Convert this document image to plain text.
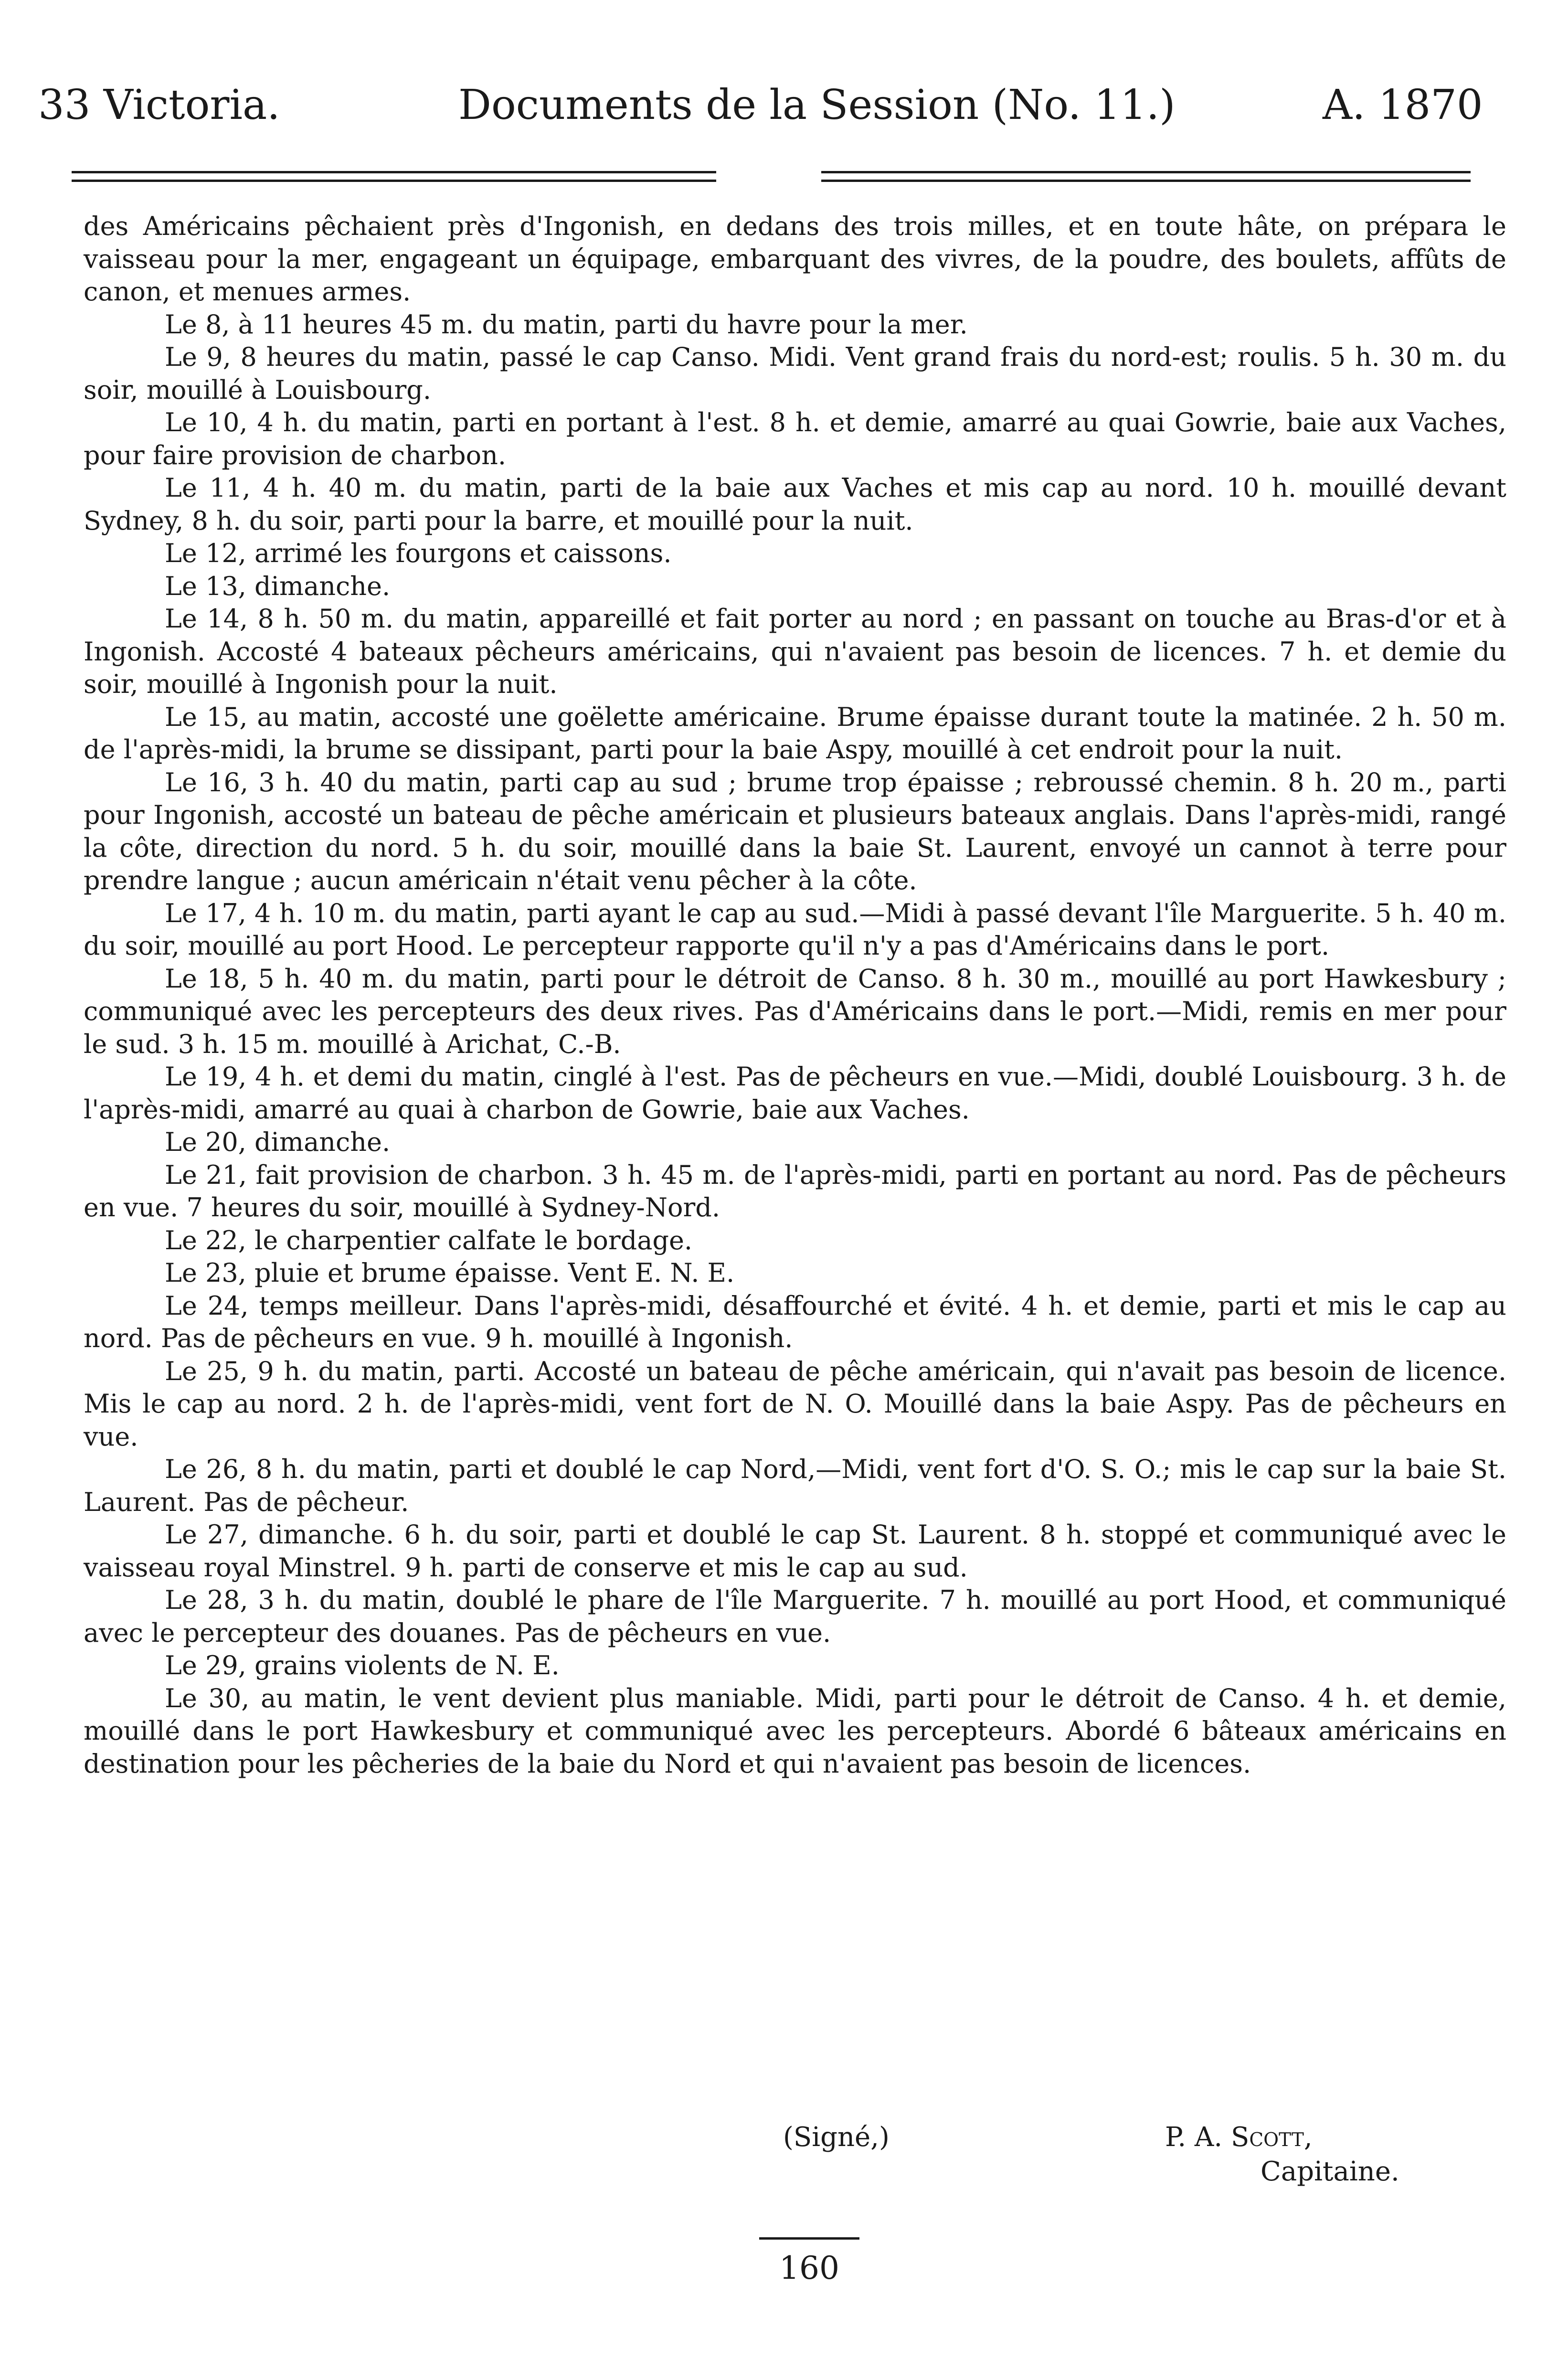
33 Victoria.	Documents de la Session (No. 11.)	A. 1870

des Américains pêchaient près d'Ingonish, en dedans des trois milles, et en toute hâte, on prépara le vaisseau pour la mer, engageant un équipage, embarquant des vivres, de la poudre, des boulets, affûts de canon, et menues armes.

Le 8, à 11 heures 45 m. du matin, parti du havre pour la mer.

Le 9, 8 heures du matin, passé le cap Canso. Midi. Vent grand frais du nord-est; roulis. 5 h. 30 m. du soir, mouillé à Louisbourg.

Le 10, 4 h. du matin, parti en portant à l'est. 8 h. et demie, amarré au quai Gowrie, baie aux Vaches, pour faire provision de charbon.

Le 11, 4 h. 40 m. du matin, parti de la baie aux Vaches et mis cap au nord. 10 h. mouillé devant Sydney, 8 h. du soir, parti pour la barre, et mouillé pour la nuit.

Le 12, arrimé les fourgons et caissons.

Le 13, dimanche.

Le 14, 8 h. 50 m. du matin, appareillé et fait porter au nord ; en passant on touche au Bras-d'or et à Ingonish. Accosté 4 bateaux pêcheurs américains, qui n'avaient pas besoin de licences. 7 h. et demie du soir, mouillé à Ingonish pour la nuit.

Le 15, au matin, accosté une goëlette américaine. Brume épaisse durant toute la matinée. 2 h. 50 m. de l'après-midi, la brume se dissipant, parti pour la baie Aspy, mouillé à cet endroit pour la nuit.

Le 16, 3 h. 40 du matin, parti cap au sud ; brume trop épaisse ; rebroussé chemin. 8 h. 20 m., parti pour Ingonish, accosté un bateau de pêche américain et plusieurs bateaux anglais. Dans l'après-midi, rangé la côte, direction du nord. 5 h. du soir, mouillé dans la baie St. Laurent, envoyé un cannot à terre pour prendre langue ; aucun américain n'était venu pêcher à la côte.

Le 17, 4 h. 10 m. du matin, parti ayant le cap au sud.—Midi à passé devant l'île Marguerite. 5 h. 40 m. du soir, mouillé au port Hood. Le percepteur rapporte qu'il n'y a pas d'Américains dans le port.

Le 18, 5 h. 40 m. du matin, parti pour le détroit de Canso. 8 h. 30 m., mouillé au port Hawkesbury ; communiqué avec les percepteurs des deux rives. Pas d'Américains dans le port.—Midi, remis en mer pour le sud. 3 h. 15 m. mouillé à Arichat, C.-B.

Le 19, 4 h. et demi du matin, cinglé à l'est. Pas de pêcheurs en vue.—Midi, doublé Louisbourg. 3 h. de l'après-midi, amarré au quai à charbon de Gowrie, baie aux Vaches.

Le 20, dimanche.

Le 21, fait provision de charbon. 3 h. 45 m. de l'après-midi, parti en portant au nord. Pas de pêcheurs en vue. 7 heures du soir, mouillé à Sydney-Nord.

Le 22, le charpentier calfate le bordage.

Le 23, pluie et brume épaisse. Vent E. N. E.

Le 24, temps meilleur. Dans l'après-midi, désaffourché et évité. 4 h. et demie, parti et mis le cap au nord. Pas de pêcheurs en vue. 9 h. mouillé à Ingonish.

Le 25, 9 h. du matin, parti. Accosté un bateau de pêche américain, qui n'avait pas besoin de licence. Mis le cap au nord. 2 h. de l'après-midi, vent fort de N. O. Mouillé dans la baie Aspy. Pas de pêcheurs en vue.

Le 26, 8 h. du matin, parti et doublé le cap Nord,—Midi, vent fort d'O. S. O.; mis le cap sur la baie St. Laurent. Pas de pêcheur.

Le 27, dimanche. 6 h. du soir, parti et doublé le cap St. Laurent. 8 h. stoppé et communiqué avec le vaisseau royal Minstrel. 9 h. parti de conserve et mis le cap au sud.

Le 28, 3 h. du matin, doublé le phare de l'île Marguerite. 7 h. mouillé au port Hood, et communiqué avec le percepteur des douanes. Pas de pêcheurs en vue.

Le 29, grains violents de N. E.

Le 30, au matin, le vent devient plus maniable. Midi, parti pour le détroit de Canso. 4 h. et demie, mouillé dans le port Hawkesbury et communiqué avec les percepteurs. Abordé 6 bâteaux américains en destination pour les pêcheries de la baie du Nord et qui n'avaient pas besoin de licences.

(Signé,)	P. A. Scott,
Capitaine.
160
